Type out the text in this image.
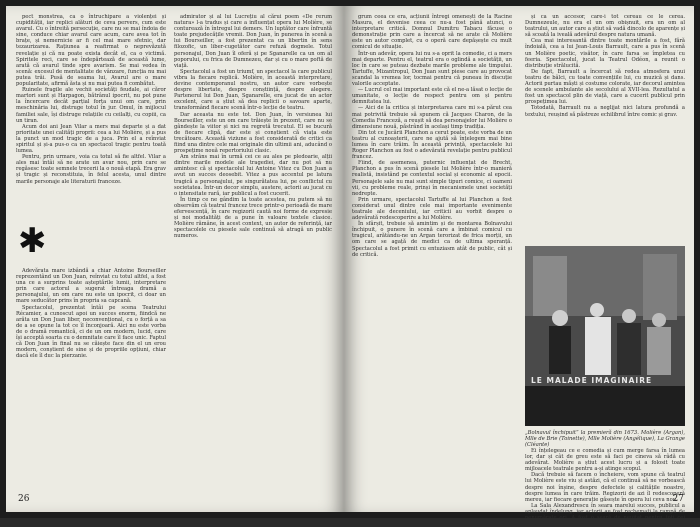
pect monstrea, ca o întruchipare a violenței și cupidității, iar replici alături de ceva pervers, cum este avarul. Cu o întreită persecuție, care nu se mai îndoia de sine, conduce chiar avarul care acum, care avea tot în brațe, și nemernicie ar fi cel mai mare sfetnic, dar tezaurizarea. Rațiunea a reafirmat o neprevăzută revelație și că nu poate exista decât el, ca o victimă. Spiritele reci, care se îndepărtează de această lume, arată că avarul tinde spre avarism. Se mai vedea în scenă: excesul de mentalitate de vânzare, funcția nu mai putea trăi. Pusă de seama lui, Avarul are o mare popularitate, afirmă ăsta și nu mai putea fi combătut.

Ruinele fragile ale vechii societăți feudale, ai căror martori sunt și Harpagon, bătrânul ipocrit, nu pot pune la încercare decât parțial forța unui om care, prin meschinăria lui, distruge totul în jur. Omul, în mijlocul familiei sale, își distruge relațiile cu ceilalți, cu copiii, ca un tiran.

Acum doi ani Jean Vilar a mers mai departe și a dat prioritate unei calități proprii: cea a lui Molière, și a pus la punct un mod tragic de a juca. Prin el a reînviat spiritul și și-a pus-o ca un spectacol tragic pentru toată lumea.

Pentru, prin urmare, voia ca totul să fie altfel. Vilar a ales mai întâi să ne arate un avar nou, prin care se regăsesc toate semnele trecerii la o nouă etapă. Era grav și tragic și reconstituia, în felul acesta, unul dintre marile personaje ale literaturii franceze.

Adevărata mare izbândă a chiar Antoine Bourseiller reprezentând un Don Juan, reînviat cu totul altfel, a fost una ce a surprins toate așteptările lumii, interpretare prin care actorul a sugerat întreaga dramă a personajului, un om care nu este un ipocrit, ci doar un mare seducător prins în propria sa capcană.

Spectacolul, prezentat întâi pe scena Teatrului Récamier, a cunoscut apoi un succes enorm, fiindcă ne arăta un Don Juan liber, neconvențional, cu o forță a sa de a se opune la tot ce îl înconjoară. Aici nu este vorba de o dramă romantică, ci de un om modern, lucid, care își acceptă soarta cu o demnitate care îl face unic. Faptul că Don Juan în final nu se căiește face din el un erou modern, conștient de sine și de propriile opțiuni, chiar dacă ele îl duc la pierzanie.

✱

admirator și al lui Lucrețiu al cărui poem «De rerum natura» l-a tradus și care a influențat opera lui Molière, se conturează în întregul lui demers. Un luptător care înfruntă toate prejudecățile vremii. Don Juan, în punerea în scenă a lui Bourseiller, a fost prezentat ca un libertin în sens filozofic, un liber-cugetător care refuză dogmele. Totul personajul, Don Juan îl oferă și pe Sganarelle ca un om al poporului, cu frica de Dumnezeu, dar și cu o mare poftă de viață.

Spectacolul a fost un triumf, un spectacol la care publicul vibra la fiecare replică. Molière, în această interpretare, devine contemporanul nostru, un autor care vorbește despre libertate, despre conștiință, despre alegere. Partenerul lui Don Juan, Sganarelle, era jucat de un actor excelent, care a știut să dea replicii o savoare aparte, transformând fiecare scenă într-o lecție de teatru.

Dar aceasta nu este tot. Don Juan, în versiunea lui Bourseiller, este un om care trăiește în prezent, care nu se gândește la viitor și nici nu regretă trecutul. El se bucură de fiecare clipă, dar este și conștient că viața este trecătoare. Această viziune a fost considerată de critici ca fiind una dintre cele mai originale din ultimii ani, aducând o prospețime nouă repertoriului clasic.

Am strâns mai în urmă cei ce au ales pe pledoarie, alții dintre marile modele ale tragediei, dar nu pot să nu amintesc că și spectacolul lui Antoine Vitez cu Don Juan a avut un succes deosebit. Vitez a pus accentul pe latura tragică a personajului, pe singurătatea lui, pe conflictul cu societatea. Într-un decor simplu, austere, actorii au jucat cu o intensitate rară, iar publicul a fost cucerit.

În timp ce ne gândim la toate acestea, nu putem să nu observăm că teatrul francez trece printr-o perioadă de mare efervescență, în care regizorii caută noi forme de expresie și noi modalități de a pune în valoare textele clasice. Molière rămâne, în acest context, un autor de referință, iar spectacolele cu piesele sale continuă să atragă un public numeros.

26

grum ceea ce era, acțiunii întregi omenești de la Racine Masura, el devenise ceea ce nu-a fost până atunci, o interpretare critică. Domnul Dumitru Tabacu făcuse o demonstrație prin care a încercat să ne arate că Molière este un autor complet, cu o operă care depășește cu mult comicul de situație.

Într-un adevăr, opera lui nu s-a oprit la comedie, ci a mers mai departe. Pentru el, teatrul era o oglindă a societății, un loc în care se puteau dezbate marile probleme ale timpului. Tartuffe, Mizantropul, Don Juan sunt piese care au provocat scandal la vremea lor, tocmai pentru că puneau în discuție valorile acceptate.

— Lucrul cel mai important este că el ne-a lăsat o lecție de umanitate, o lecție de respect pentru om și pentru demnitatea lui.

— Aici de la critica și interpretarea care mi s-a părut cea mai potrivită trebuie să spunem că Jacques Charon, de la Comedia Franceză, a reușit să dea personajelor lui Molière o dimensiune nouă, păstrând în același timp tradiția.

Din tot ce Jucării Planchon a cerut poate, este vorba de un teatru al cunoașterii, care ne ajută să înțelegem mai bine lumea în care trăim. În această privință, spectacolele lui Roger Planchon au fost o adevărată revelație pentru publicul francez.

Fiind, de asemenea, puternic influențat de Brecht, Planchon a pus în scenă piesele lui Molière într-o manieră realistă, insistând pe contextul social și economic al epocii. Personajele sale nu mai sunt simple tipuri comice, ci oameni vii, cu probleme reale, prinși în mecanismele unei societăți nedrepte.

Prin urmare, spectacolul Tartuffe al lui Planchon a fost considerat unul dintre cele mai importante evenimente teatrale ale deceniului, iar criticii au vorbit despre o adevărată redescoperire a lui Molière.

În sfârșit, trebuie să amintim și de montarea Bolnavului închipuit, o punere în scenă care a îmbinat comicul cu tragicul, arătându-ne un Argan terorizat de frica morții, un om care se agață de medici ca de ultima speranță. Spectacolul a fost primit cu entuziasm atât de public, cât și de critică.

și ca un accesor, care-i tot cereau ce le cerea. Dumnezeule, nu era el un om obișnuit, era un om al teatrului, un autor care a știut să vadă dincolo de aparențe și să scoată la iveală adevărul despre natura umană.

Cea mai interesantă dintre toate montările a fost, fără îndoială, cea a lui Jean-Louis Barrault, care a pus în scenă un Molière poetic, visător, în care farsa se împletea cu feeria. Spectacolul, jucat la Teatrul Odéon, a reunit o distribuție strălucită.

De fapt, Barrault a încercat să redea atmosfera unui teatru de bâlci, cu toate convențiile lui, cu muzică și dans. Actorii purtau măști și costume colorate, iar decorul amintea de scenele ambulante ale secolului al XVII-lea. Rezultatul a fost un spectacol plin de viață, care a cucerit publicul prin prospețimea lui.

Totodată, Barrault nu a neglijat nici latura profundă a textului, reușind să păstreze echilibrul între comic și grav.

LE MALADE IMAGINAIRE
„Bolnavul închipuit” la premieră din 1673. Molière (Argan), Mlle de Brie (Toinette), Mlle Molière (Angélique), La Grange (Cléante)

Ei înțelegeau ce e comedia și cum merge farsa în lumea lor, dar și cât de greu este să faci pe cineva să râdă cu adevărat. Molière a știut acest lucru și a folosit toate mijloacele teatrale pentru a-și atinge scopul.

Dacă trebuie să facem o încheiere, vom spune că teatrul lui Molière este viu și astăzi, că el continuă să ne vorbească despre noi înșine, despre defectele și calitățile noastre, despre lumea în care trăim. Regizorii de azi îl redescoperă mereu, iar fiecare generație găsește în opera lui ceva nou.

La Sala Alexandrescu în seara marelui succes, publicul a aplaudat îndelung, iar actorii au fost rechemați la rampă de nenumărate ori. A fost o seară de neuitat pentru toți cei prezenți.

27
